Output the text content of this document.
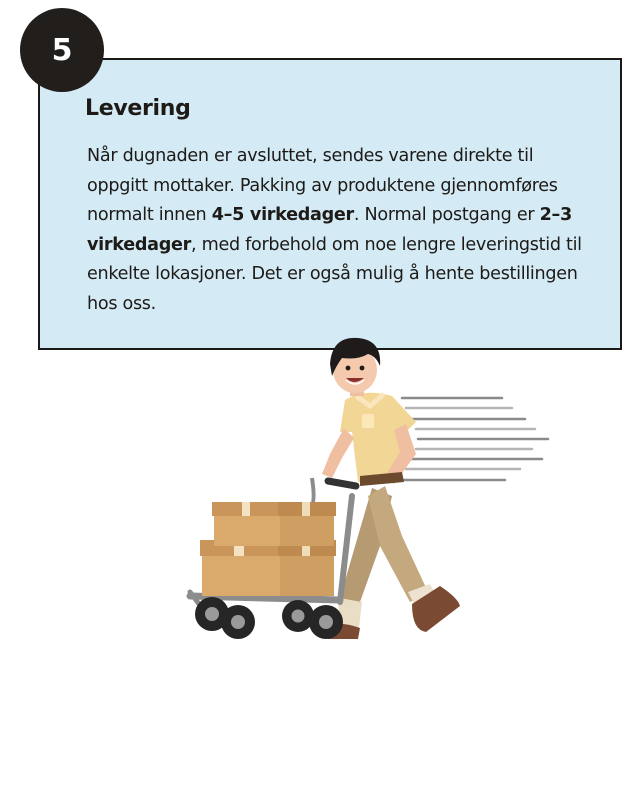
5
Levering

Når dugnaden er avsluttet, sendes varene direkte til oppgitt mottaker. Pakking av produktene gjennomføres normalt innen 4–5 virkedager. Normal postgang er 2–3 virkedager, med forbehold om noe lengre leveringstid til enkelte lokasjoner. Det er også mulig å hente bestillingen hos oss.
